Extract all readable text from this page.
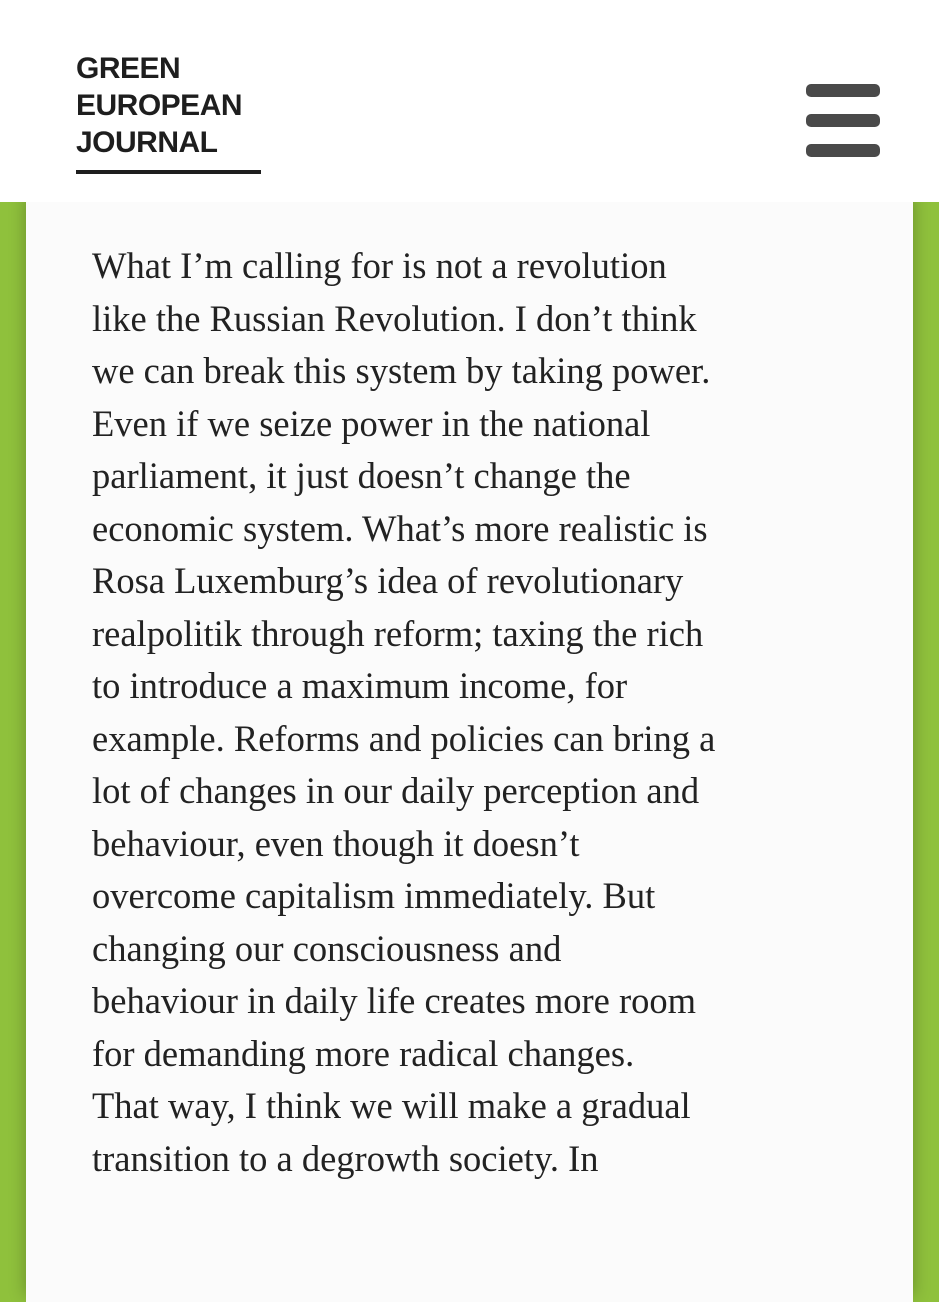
GREEN
EUROPEAN
JOURNAL

What I’m calling for is not a revolution
like the Russian Revolution. I don’t think
we can break this system by taking power.
Even if we seize power in the national
parliament, it just doesn’t change the
economic system. What’s more realistic is
Rosa Luxemburg’s idea of revolutionary
realpolitik through reform; taxing the rich
to introduce a maximum income, for
example. Reforms and policies can bring a
lot of changes in our daily perception and
behaviour, even though it doesn’t
overcome capitalism immediately. But
changing our consciousness and
behaviour in daily life creates more room
for demanding more radical changes.
That way, I think we will make a gradual
transition to a degrowth society. In
